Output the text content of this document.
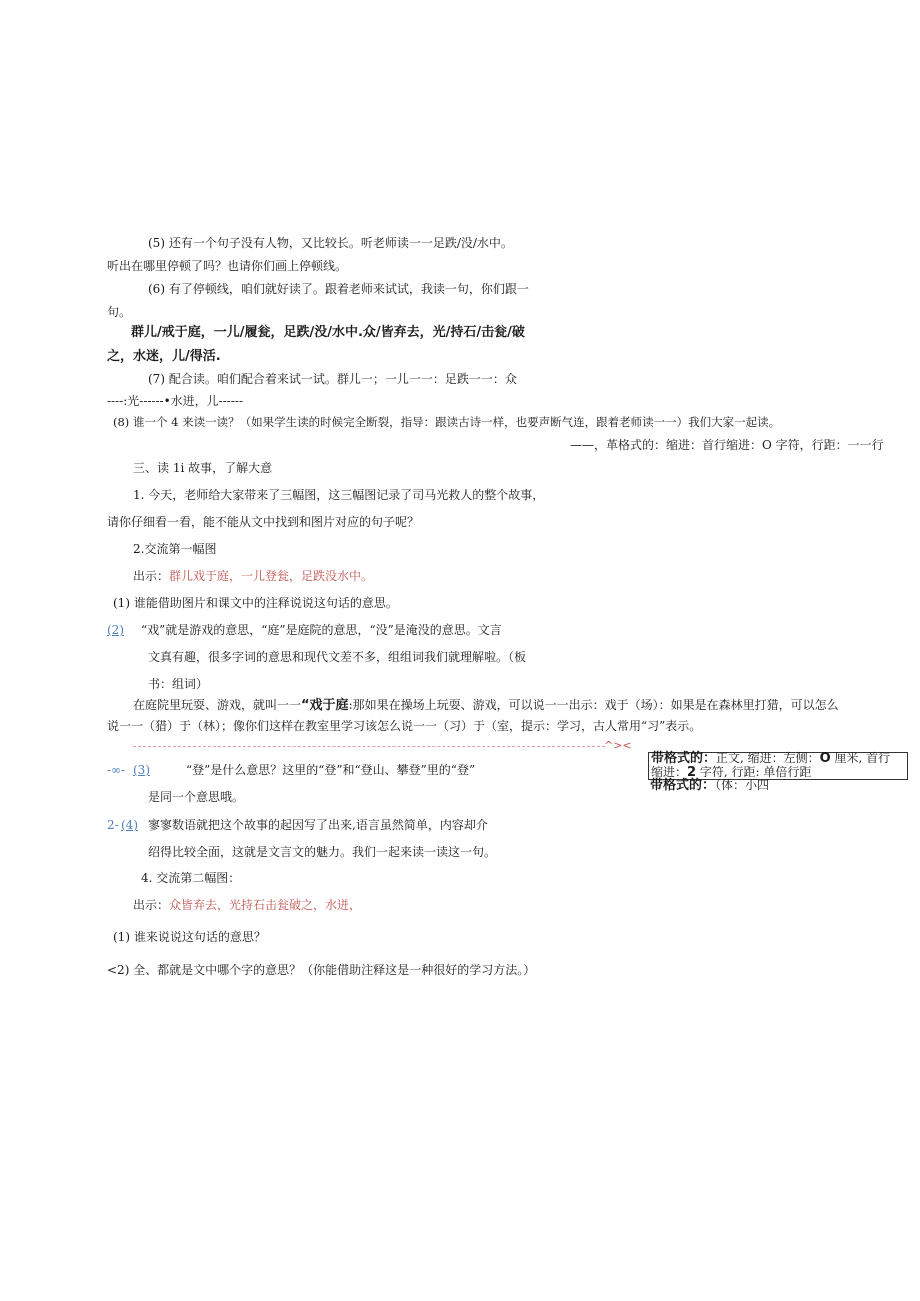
(5) 还有一个句子没有人物，又比较长。听老师读一一足跌/没/水中。
听出在哪里停顿了吗？也请你们画上停顿线。
(6) 有了停顿线，咱们就好读了。跟着老师来试试，我读一句，你们跟一
句。
群儿/戒于庭，一儿/履瓮，足跌/没/水中.众/皆弃去，光/持石/击瓮/破
之，水迷，儿/得活.
(7) 配合读。咱们配合着来试一试。群儿一；一儿一一：足跌一一：众
----:光------•水迸，儿------
(8) 谁一个 4 来读一读？（如果学生读的时候完全断裂，指导：跟读古诗一样，也要声断气连，跟着老师读一一）我们大家一起读。
——，革格式的：缩进：首行缩进：O 字符，行距：一一行
三、读 1i 故事，了解大意
1. 今天，老师给大家带来了三幅图，这三幅图记录了司马光救人的整个故事，
请你仔细看一看，能不能从文中找到和图片对应的句子呢？
2.交流第一幅图
出示：群儿戏于庭，一儿登瓮，足跌没水中。
(1) 谁能借助图片和课文中的注释说说这句话的意思。
(2) “戏”就是游戏的意思，“庭”是庭院的意思，“没”是淹没的意思。文言
文真有趣，很多字词的意思和现代文差不多，组组词我们就理解啦。（板
书：组词）
在庭院里玩耍、游戏，就叫一一“戏于庭:那如果在操场上玩耍、游戏，可以说一一出示：戏于（场）：如果是在森林里打猎，可以怎么
说一一（猎）于（林）；像你们这样在教室里学习该怎么说一一（习）于（室，提示：学习，古人常用“习”表示。
^><
带格式的：正文, 缩进：左侧：O 厘米, 首行
缩进：2 字符, 行距: 单倍行距
带格式的：（体：小四
-∞- (3)	“登”是什么意思？这里的“登”和“登山、攀登”里的“登”
是同一个意思哦。
2- (4) 寥寥数语就把这个故事的起因写了出来,语言虽然简单，内容却介
绍得比较全面，这就是文言文的魅力。我们一起来读一读这一句。
4. 交流第二幅图：
出示：众皆弃去，光持石击瓮破之，水迸，
(1) 谁来说说这句话的意思？
<2) 全、都就是文中哪个字的意思？（你能借助注释这是一种很好的学习方法。）
